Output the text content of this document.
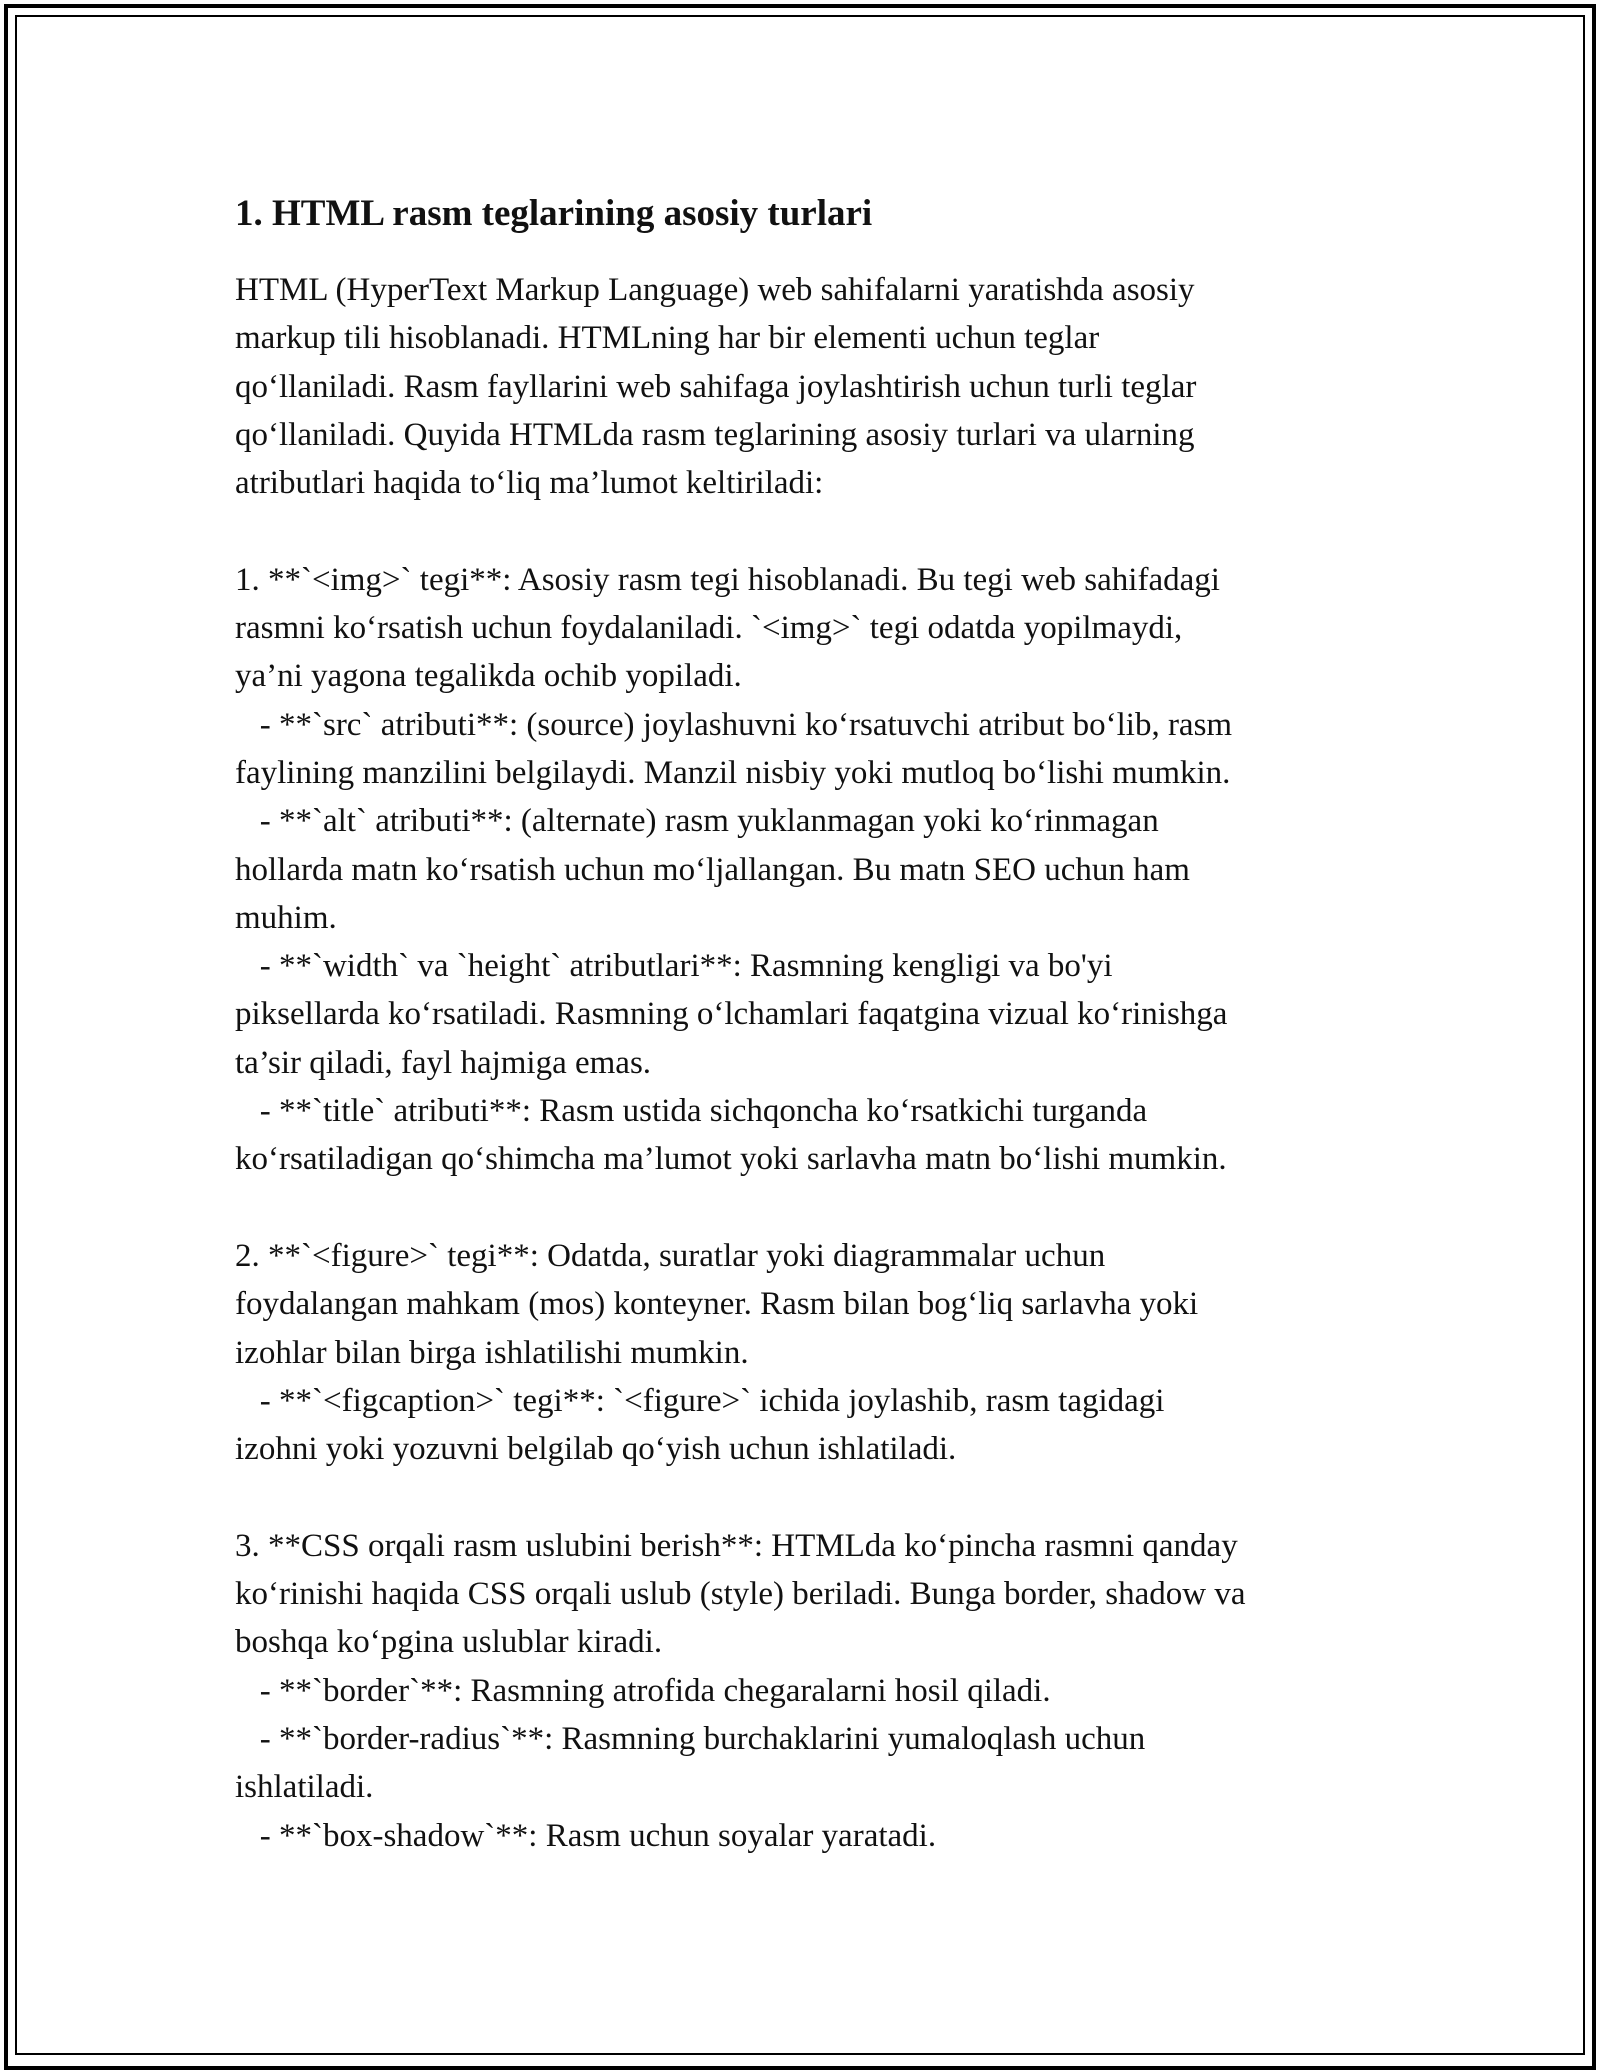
1. HTML rasm teglarining asosiy turlari
HTML (HyperText Markup Language) web sahifalarni yaratishda asosiy
markup tili hisoblanadi. HTMLning har bir elementi uchun teglar
qo‘llaniladi. Rasm fayllarini web sahifaga joylashtirish uchun turli teglar
qo‘llaniladi. Quyida HTMLda rasm teglarining asosiy turlari va ularning
atributlari haqida to‘liq ma’lumot keltiriladi:
1. **`<img>` tegi**: Asosiy rasm tegi hisoblanadi. Bu tegi web sahifadagi
rasmni ko‘rsatish uchun foydalaniladi. `<img>` tegi odatda yopilmaydi,
ya’ni yagona tegalikda ochib yopiladi.
- **`src` atributi**: (source) joylashuvni ko‘rsatuvchi atribut bo‘lib, rasm
faylining manzilini belgilaydi. Manzil nisbiy yoki mutloq bo‘lishi mumkin.
- **`alt` atributi**: (alternate) rasm yuklanmagan yoki ko‘rinmagan
hollarda matn ko‘rsatish uchun mo‘ljallangan. Bu matn SEO uchun ham
muhim.
- **`width` va `height` atributlari**: Rasmning kengligi va bo'yi
piksellarda ko‘rsatiladi. Rasmning o‘lchamlari faqatgina vizual ko‘rinishga
ta’sir qiladi, fayl hajmiga emas.
- **`title` atributi**: Rasm ustida sichqoncha ko‘rsatkichi turganda
ko‘rsatiladigan qo‘shimcha ma’lumot yoki sarlavha matn bo‘lishi mumkin.
2. **`<figure>` tegi**: Odatda, suratlar yoki diagrammalar uchun
foydalangan mahkam (mos) konteyner. Rasm bilan bog‘liq sarlavha yoki
izohlar bilan birga ishlatilishi mumkin.
- **`<figcaption>` tegi**: `<figure>` ichida joylashib, rasm tagidagi
izohni yoki yozuvni belgilab qo‘yish uchun ishlatiladi.
3. **CSS orqali rasm uslubini berish**: HTMLda ko‘pincha rasmni qanday
ko‘rinishi haqida CSS orqali uslub (style) beriladi. Bunga border, shadow va
boshqa ko‘pgina uslublar kiradi.
- **`border`**: Rasmning atrofida chegaralarni hosil qiladi.
- **`border-radius`**: Rasmning burchaklarini yumaloqlash uchun
ishlatiladi.
- **`box-shadow`**: Rasm uchun soyalar yaratadi.
